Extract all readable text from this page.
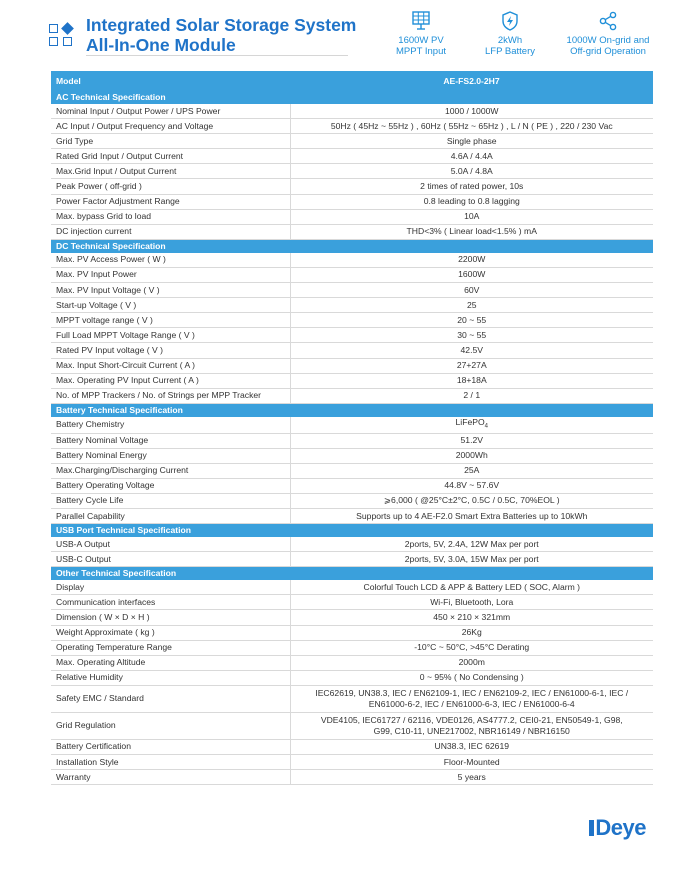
Integrated Solar Storage System
All-In-One Module	1600W PV
MPPT Input
2kWh
LFP Battery
1000W On-grid and
Off-grid Operation
Model	AE-FS2.0-2H7
AC Technical Specification	
Nominal Input / Output Power / UPS Power	1000 / 1000W
AC Input / Output Frequency and Voltage	50Hz ( 45Hz ~ 55Hz ) , 60Hz ( 55Hz ~ 65Hz ) , L / N ( PE ) , 220 / 230 Vac
Grid Type	Single phase
Rated Grid Input / Output Current	4.6A / 4.4A
Max.Grid Input / Output Current	5.0A / 4.8A
Peak Power ( off-grid )	2 times of rated power, 10s
Power Factor Adjustment Range	0.8 leading to 0.8 lagging
Max. bypass Grid to load	10A
DC injection current	THD<3% ( Linear load<1.5% ) mA
DC Technical Specification	
Max. PV Access Power ( W )	2200W
Max. PV Input Power	1600W
Max. PV Input Voltage ( V )	60V
Start-up Voltage ( V )	25
MPPT voltage range ( V )	20 ~ 55
Full Load MPPT Voltage Range ( V )	30 ~ 55
Rated PV Input voltage ( V )	42.5V
Max. Input Short-Circuit Current ( A )	27+27A
Max. Operating PV Input Current ( A )	18+18A
No. of MPP Trackers / No. of Strings per MPP Tracker	2 / 1
Battery Technical Specification	
Battery Chemistry	LiFePO$_4$
Battery Nominal Voltage	51.2V
Battery Nominal Energy	2000Wh
Max.Charging/Discharging Current	25A
Battery Operating Voltage	44.8V ~ 57.6V
Battery Cycle Life	⩾6,000 ( @25°C±2°C, 0.5C / 0.5C, 70%EOL )
Parallel Capability	Supports up to 4 AE-F2.0 Smart Extra Batteries up to 10kWh
USB Port Technical Specification	
USB-A Output	2ports, 5V, 2.4A, 12W Max per port
USB-C Output	2ports, 5V, 3.0A, 15W Max per port
Other Technical Specification	
Display	Colorful Touch LCD & APP & Battery LED ( SOC, Alarm )
Communication interfaces	Wi-Fi, Bluetooth, Lora
Dimension ( W × D × H )	450 × 210 × 321mm
Weight Approximate ( kg )	26Kg
Operating Temperature Range	-10°C ~ 50°C, >45°C Derating
Max. Operating Altitude	2000m
Relative Humidity	0 ~ 95% ( No Condensing )
Safety EMC / Standard	IEC62619, UN38.3, IEC / EN62109-1, IEC / EN62109-2, IEC / EN61000-6-1, IEC / EN61000-6-2, IEC / EN61000-6-3, IEC / EN61000-6-4
Grid Regulation	VDE4105, IEC61727 / 62116, VDE0126, AS4777.2, CEI0-21, EN50549-1, G98, G99, C10-11, UNE217002, NBR16149 / NBR16150
Battery Certification	UN38.3, IEC 62619
Installation Style	Floor-Mounted
Warranty	5 years
Deye
